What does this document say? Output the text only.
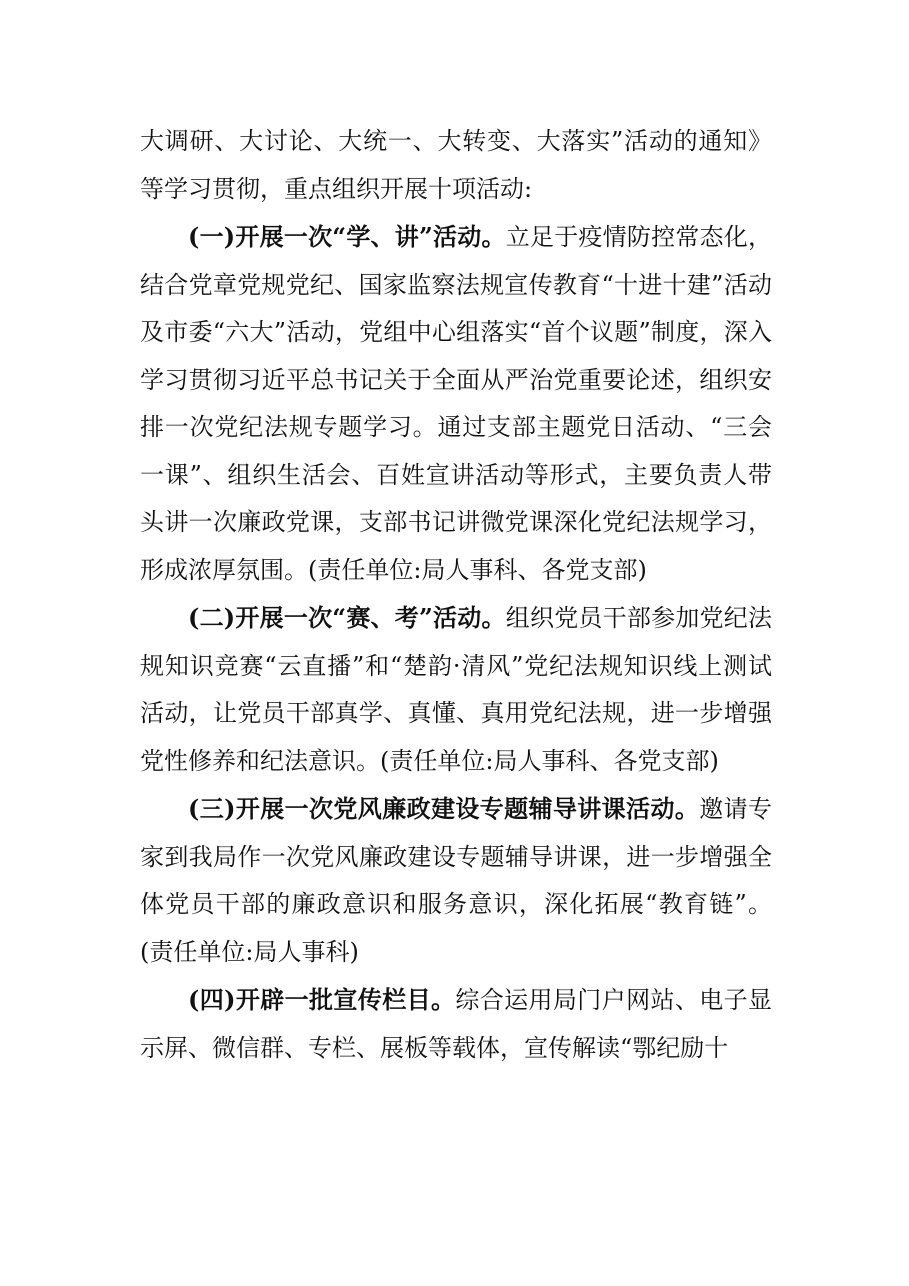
大调研、大讨论、大统一、大转变、大落实”活动的通知》等学习贯彻，重点组织开展十项活动:

(一)开展一次“学、讲”活动。立足于疫情防控常态化，结合党章党规党纪、国家监察法规宣传教育“十进十建”活动及市委“六大”活动，党组中心组落实“首个议题”制度，深入学习贯彻习近平总书记关于全面从严治党重要论述，组织安排一次党纪法规专题学习。通过支部主题党日活动、“三会一课”、组织生活会、百姓宣讲活动等形式，主要负责人带头讲一次廉政党课，支部书记讲微党课深化党纪法规学习，形成浓厚氛围。(责任单位:局人事科、各党支部)

(二)开展一次“赛、考”活动。组织党员干部参加党纪法规知识竞赛“云直播”和“楚韵·清风”党纪法规知识线上测试活动，让党员干部真学、真懂、真用党纪法规，进一步增强党性修养和纪法意识。(责任单位:局人事科、各党支部)

(三)开展一次党风廉政建设专题辅导讲课活动。邀请专家到我局作一次党风廉政建设专题辅导讲课，进一步增强全体党员干部的廉政意识和服务意识，深化拓展“教育链”。(责任单位:局人事科)

(四)开辟一批宣传栏目。综合运用局门户网站、电子显示屏、微信群、专栏、展板等载体，宣传解读“鄂纪励十
